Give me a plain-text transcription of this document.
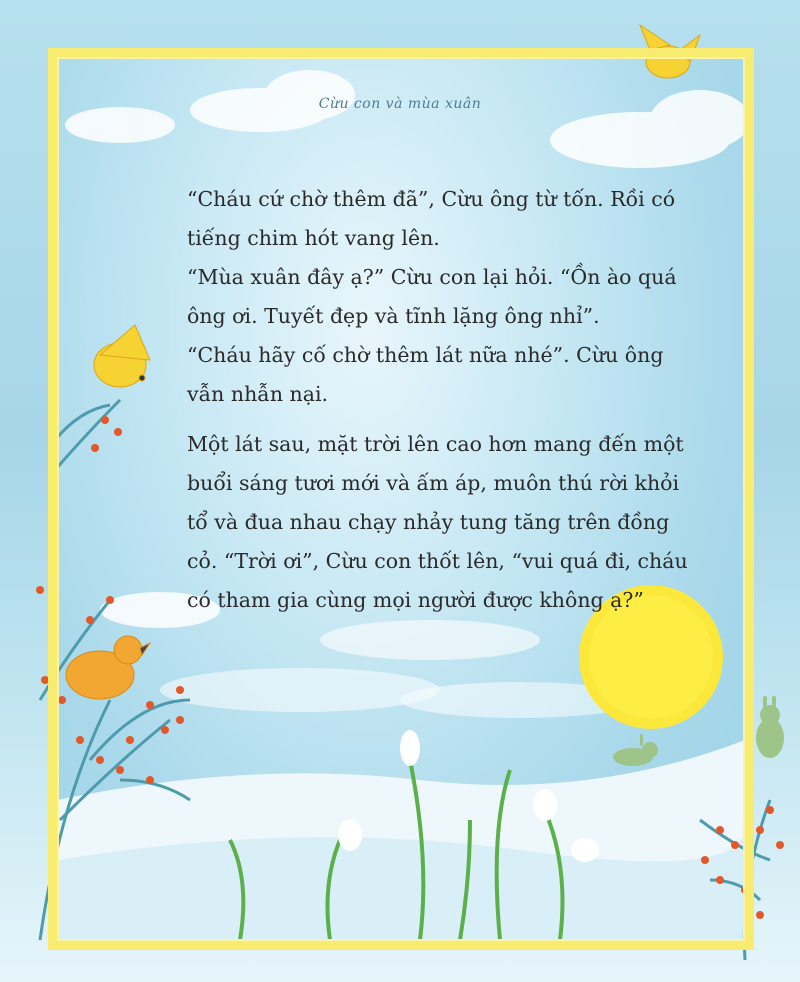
Cừu con và mùa xuân

“Cháu cứ chờ thêm đã”, Cừu ông từ tốn. Rồi có

tiếng chim hót vang lên.

“Mùa xuân đây ạ?” Cừu con lại hỏi. “Ồn ào quá

ông ơi. Tuyết đẹp và tĩnh lặng ông nhỉ”.

“Cháu hãy cố chờ thêm lát nữa nhé”. Cừu ông

vẫn nhẫn nại.

Một lát sau, mặt trời lên cao hơn mang đến một

buổi sáng tươi mới và ấm áp, muôn thú rời khỏi

tổ và đua nhau chạy nhảy tung tăng trên đồng

cỏ. “Trời ơi”, Cừu con thốt lên, “vui quá đi, cháu

có tham gia cùng mọi người được không ạ?”
